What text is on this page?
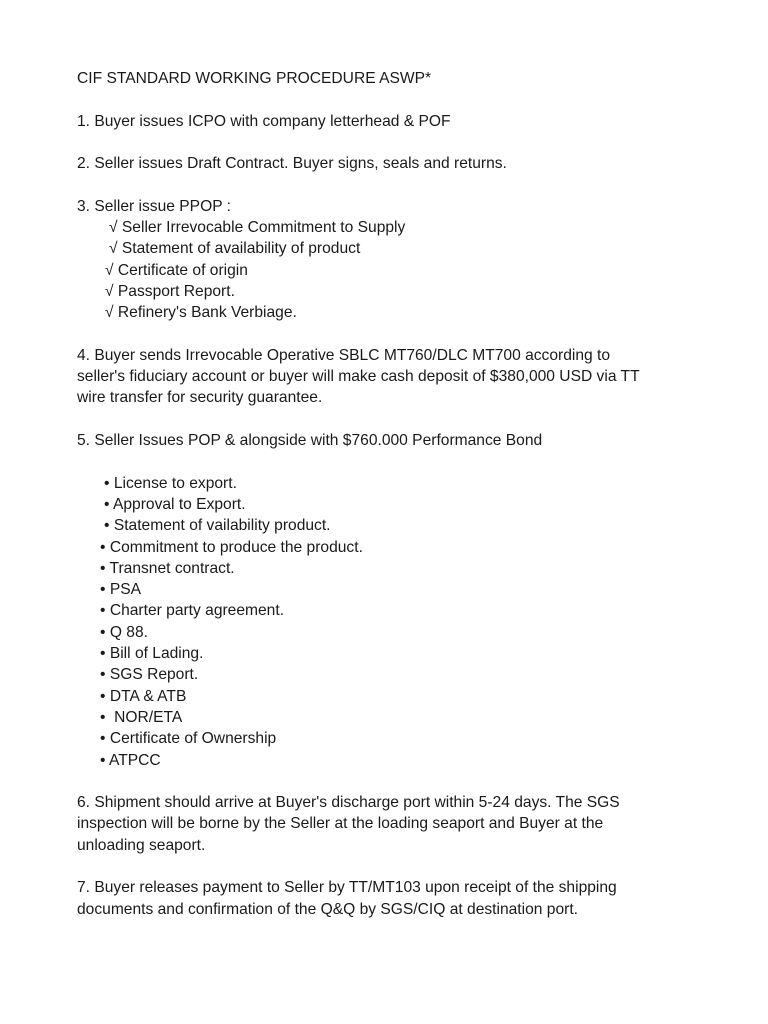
CIF STANDARD WORKING PROCEDURE ASWP*
1. Buyer issues ICPO with company letterhead & POF
2. Seller issues Draft Contract. Buyer signs, seals and returns.
3. Seller issue PPOP :
√ Seller Irrevocable Commitment to Supply
√ Statement of availability of product
√ Certificate of origin
√ Passport Report.
√ Refinery's Bank Verbiage.
4. Buyer sends Irrevocable Operative SBLC MT760/DLC MT700 according to
seller's fiduciary account or buyer will make cash deposit of $380,000 USD via TT
wire transfer for security guarantee.
5. Seller Issues POP & alongside with $760.000 Performance Bond
• License to export.
• Approval to Export.
• Statement of vailability product.
• Commitment to produce the product.
• Transnet contract.
• PSA
• Charter party agreement.
• Q 88.
• Bill of Lading.
• SGS Report.
• DTA & ATB
•  NOR/ETA
• Certificate of Ownership
• ATPCC
6. Shipment should arrive at Buyer's discharge port within 5-24 days. The SGS
inspection will be borne by the Seller at the loading seaport and Buyer at the
unloading seaport.
7. Buyer releases payment to Seller by TT/MT103 upon receipt of the shipping
documents and confirmation of the Q&Q by SGS/CIQ at destination port.
